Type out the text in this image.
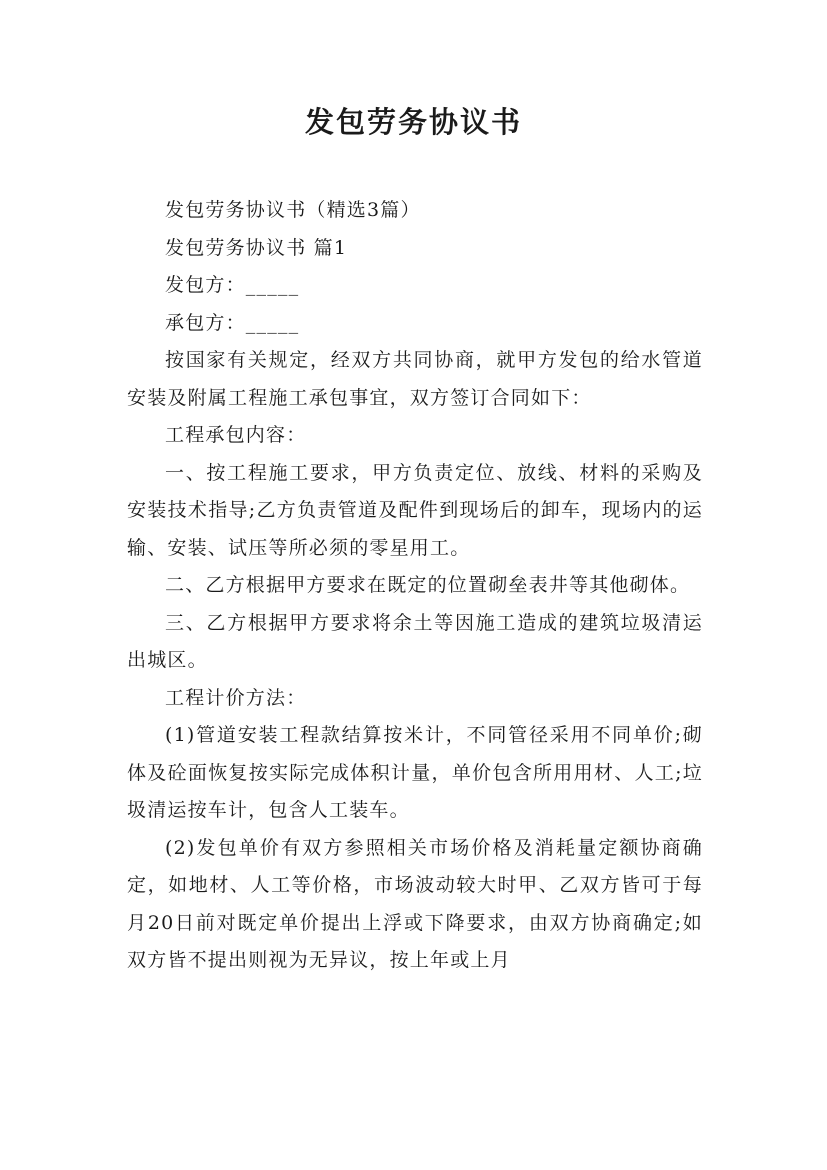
发包劳务协议书

发包劳务协议书（精选3篇）

发包劳务协议书 篇1

发包方：_____

承包方：_____

按国家有关规定，经双方共同协商，就甲方发包的给水管道安装及附属工程施工承包事宜，双方签订合同如下：

工程承包内容：

一、按工程施工要求，甲方负责定位、放线、材料的采购及安装技术指导;乙方负责管道及配件到现场后的卸车，现场内的运输、安装、试压等所必须的零星用工。

二、乙方根据甲方要求在既定的位置砌垒表井等其他砌体。

三、乙方根据甲方要求将余土等因施工造成的建筑垃圾清运出城区。

工程计价方法：

(1)管道安装工程款结算按米计，不同管径采用不同单价;砌体及砼面恢复按实际完成体积计量，单价包含所用用材、人工;垃圾清运按车计，包含人工装车。

(2)发包单价有双方参照相关市场价格及消耗量定额协商确定，如地材、人工等价格，市场波动较大时甲、乙双方皆可于每月20日前对既定单价提出上浮或下降要求，由双方协商确定;如双方皆不提出则视为无异议，按上年或上月
